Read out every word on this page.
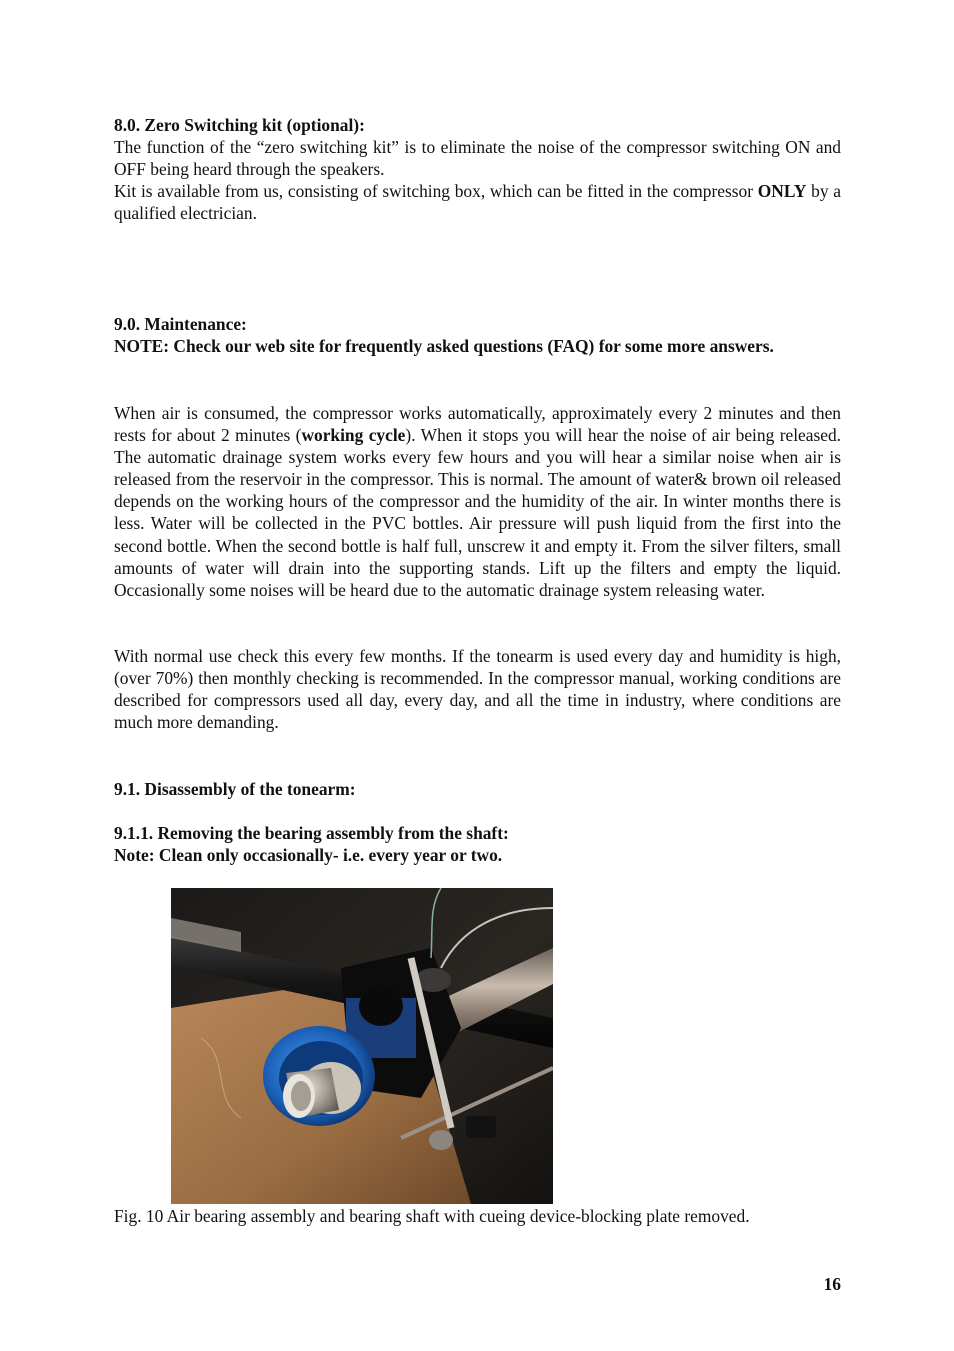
8.0. Zero Switching kit (optional):

The function of the “zero switching kit” is to eliminate the noise of the compressor switching ON and OFF being heard through the speakers.

Kit is available from us, consisting of switching box, which can be fitted in the compressor ONLY by a qualified electrician.

9.0. Maintenance:

NOTE: Check our web site for frequently asked questions (FAQ) for some more answers.

When air is consumed, the compressor works automatically, approximately every 2 minutes and then rests for about 2 minutes (working cycle). When it stops you will hear the noise of air being released. The automatic drainage system works every few hours and you will hear a similar noise when air is released from the reservoir in the compressor. This is normal. The amount of water& brown oil released depends on the working hours of the compressor and the humidity of the air. In winter months there is less. Water will be collected in the PVC bottles. Air pressure will push liquid from the first into the second bottle. When the second bottle is half full, unscrew it and empty it. From the silver filters, small amounts of water will drain into the supporting stands. Lift up the filters and empty the liquid. Occasionally some noises will be heard due to the automatic drainage system releasing water.

With normal use check this every few months. If the tonearm is used every day and humidity is high, (over 70%) then monthly checking is recommended. In the compressor manual, working conditions are described for compressors used all day, every day, and all the time in industry, where conditions are much more demanding.

9.1. Disassembly of the tonearm:

9.1.1. Removing the bearing assembly from the shaft:

Note: Clean only occasionally- i.e. every year or two.

Fig. 10 Air bearing assembly and bearing shaft with cueing device-blocking plate removed.
16
